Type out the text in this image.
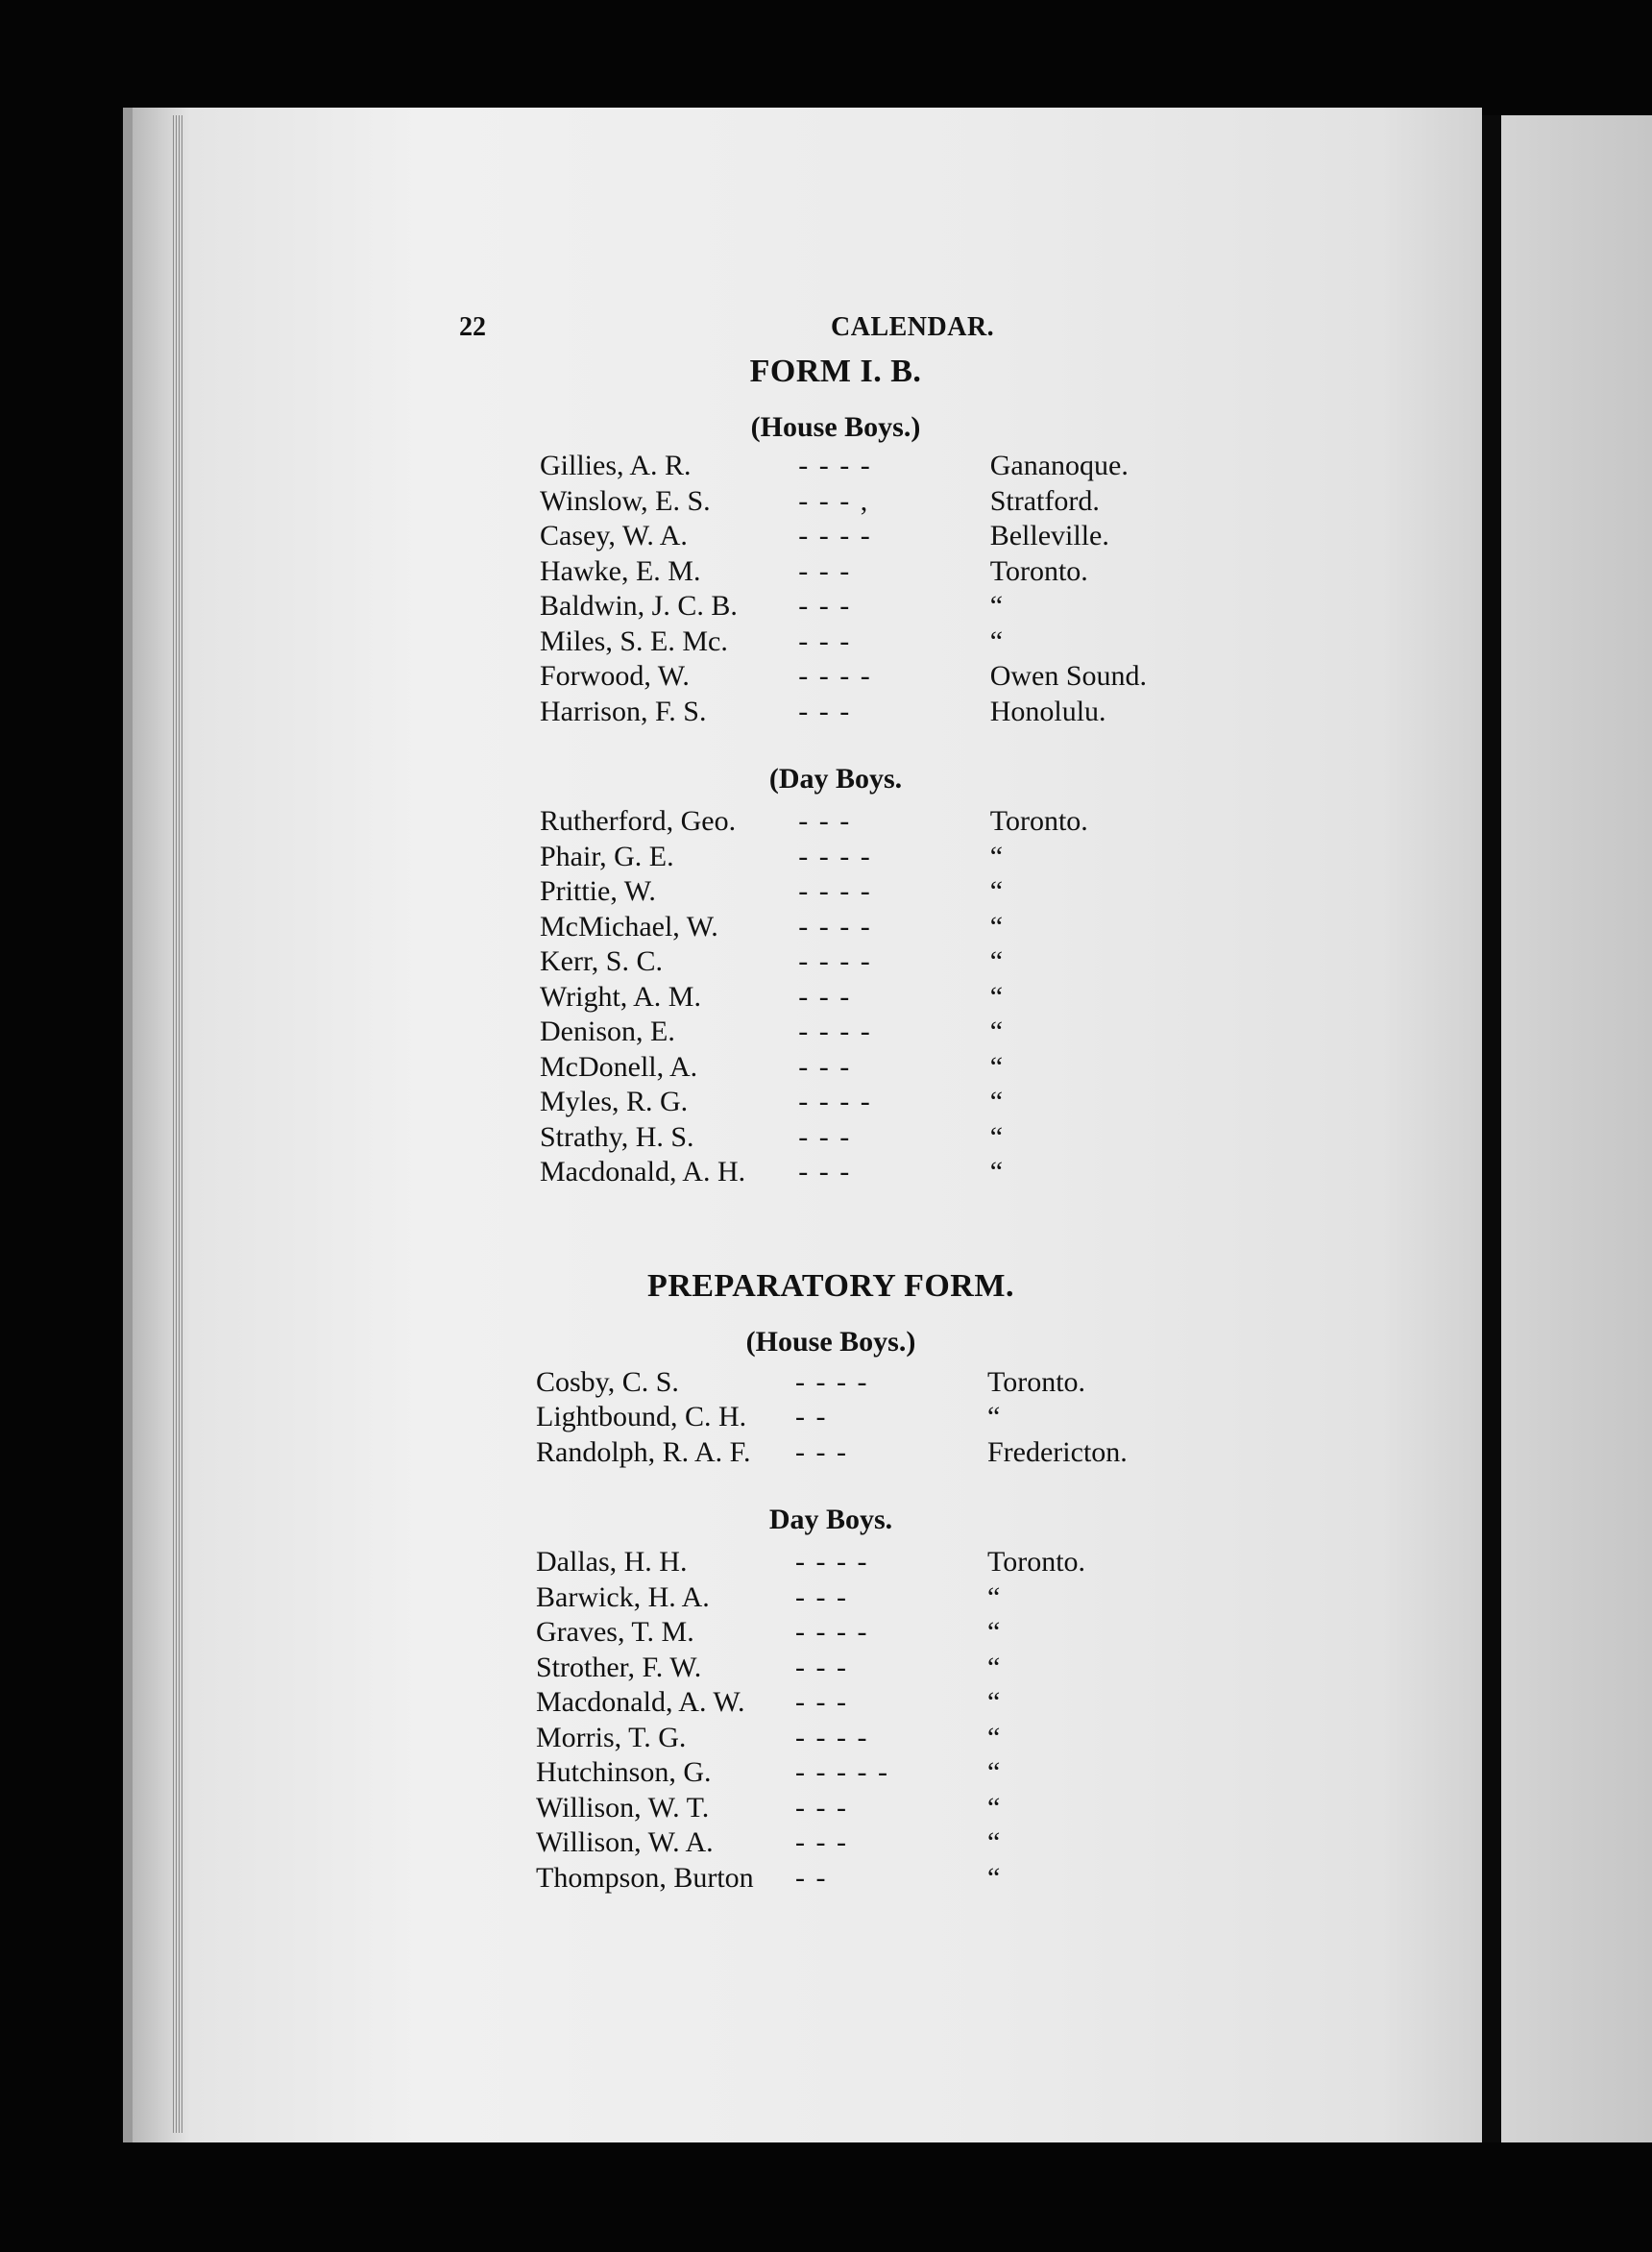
22	CALENDAR.
FORM I. B.
(House Boys.)
Gillies, A. R.	- - - -	Gananoque.
Winslow, E. S.	- - - ,	Stratford.
Casey, W. A.	- - - -	Belleville.
Hawke, E. M.	- - -	Toronto.
Baldwin, J. C. B.	- - -	“
Miles, S. E. Mc.	- - -	“
Forwood, W.	- - - -	Owen Sound.
Harrison, F. S.	- - -	Honolulu.
(Day Boys.
Rutherford, Geo.	- - -	Toronto.
Phair, G. E.	- - - -	“
Prittie, W.	- - - -	“
McMichael, W.	- - - -	“
Kerr, S. C.	- - - -	“
Wright, A. M.	- - -	“
Denison, E.	- - - -	“
McDonell, A.	- - -	“
Myles, R. G.	- - - -	“
Strathy, H. S.	- - -	“
Macdonald, A. H.	- - -	“
PREPARATORY FORM.
(House Boys.)
Cosby, C. S.	- - - -	Toronto.
Lightbound, C. H.	- -	“
Randolph, R. A. F.	- - -	Fredericton.
Day Boys.
Dallas, H. H.	- - - -	Toronto.
Barwick, H. A.	- - -	“
Graves, T. M.	- - - -	“
Strother, F. W.	- - -	“
Macdonald, A. W.	- - -	“
Morris, T. G.	- - - -	“
Hutchinson, G.	- - - - -	“
Willison, W. T.	- - -	“
Willison, W. A.	- - -	“
Thompson, Burton	- -	“
